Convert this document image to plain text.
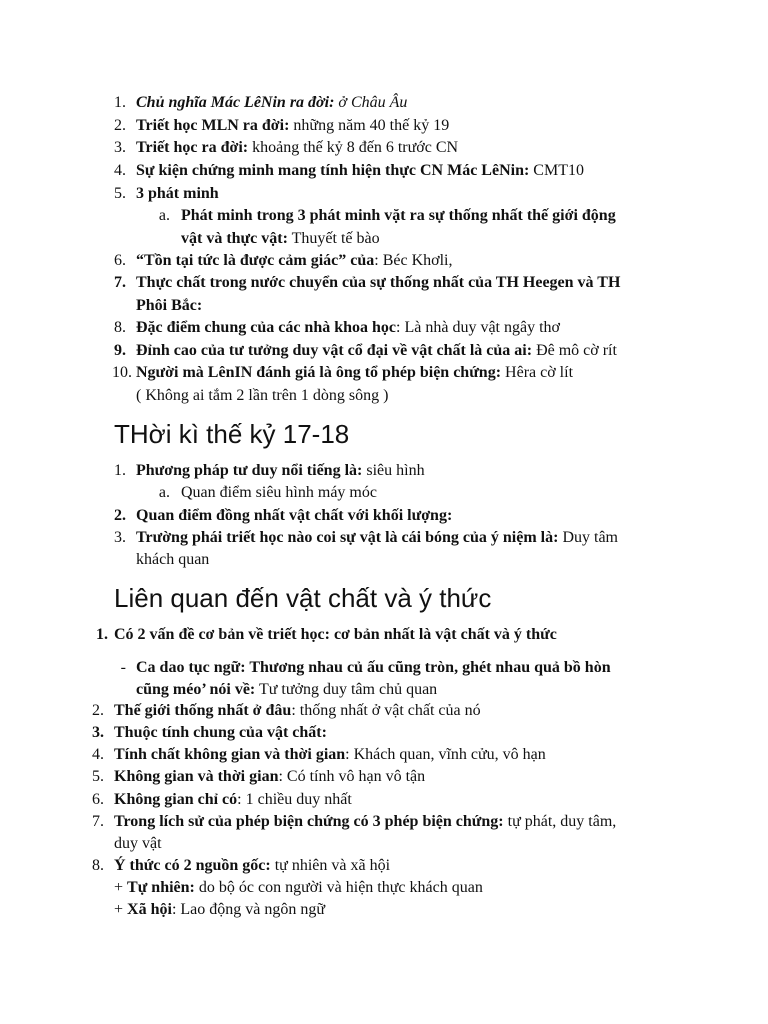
1. Chủ nghĩa Mác LêNin ra đời: ở Châu Âu
2. Triết học MLN ra đời: những năm 40 thế kỷ 19
3. Triết học ra đời: khoảng thế kỷ 8 đến 6 trước CN
4. Sự kiện chứng minh mang tính hiện thực CN Mác LêNin: CMT10
5. 3 phát minh
a. Phát minh trong 3 phát minh vặt ra sự thống nhất thế giới động
vật và thực vật: Thuyết tế bào
6. “Tồn tại tức là được cảm giác” của: Béc Khơli,
7. Thực chất trong nước chuyển của sự thống nhất của TH Heegen và TH
Phôi Bắc:
8. Đặc điểm chung của các nhà khoa học: Là nhà duy vật ngây thơ
9. Đỉnh cao của tư tưởng duy vật cổ đại về vật chất là của ai: Đê mô cờ rít
10. Người mà LênIN đánh giá là ông tổ phép biện chứng: Hêra cờ lít
( Không ai tắm 2 lần trên 1 dòng sông )
THời kì thế kỷ 17-18
1. Phương pháp tư duy nổi tiếng là: siêu hình
a. Quan điểm siêu hình máy móc
2. Quan điểm đồng nhất vật chất với khối lượng:
3. Trường phái triết học nào coi sự vật là cái bóng của ý niệm là: Duy tâm
khách quan
Liên quan đến vật chất và ý thức
1. Có 2 vấn đề cơ bản về triết học: cơ bản nhất là vật chất và ý thức
- Ca dao tục ngữ: Thương nhau củ ấu cũng tròn, ghét nhau quả bồ hòn
cũng méo’ nói về: Tư tưởng duy tâm chủ quan
2. Thế giới thống nhất ở đâu: thống nhất ở vật chất của nó
3. Thuộc tính chung của vật chất:
4. Tính chất không gian và thời gian: Khách quan, vĩnh cửu, vô hạn
5. Không gian và thời gian: Có tính vô hạn vô tận
6. Không gian chỉ có: 1 chiều duy nhất
7. Trong lích sử của phép biện chứng có 3 phép biện chứng: tự phát, duy tâm,
duy vật
8. Ý thức có 2 nguồn gốc: tự nhiên và xã hội
+ Tự nhiên: do bộ óc con người và hiện thực khách quan
+ Xã hội: Lao động và ngôn ngữ
